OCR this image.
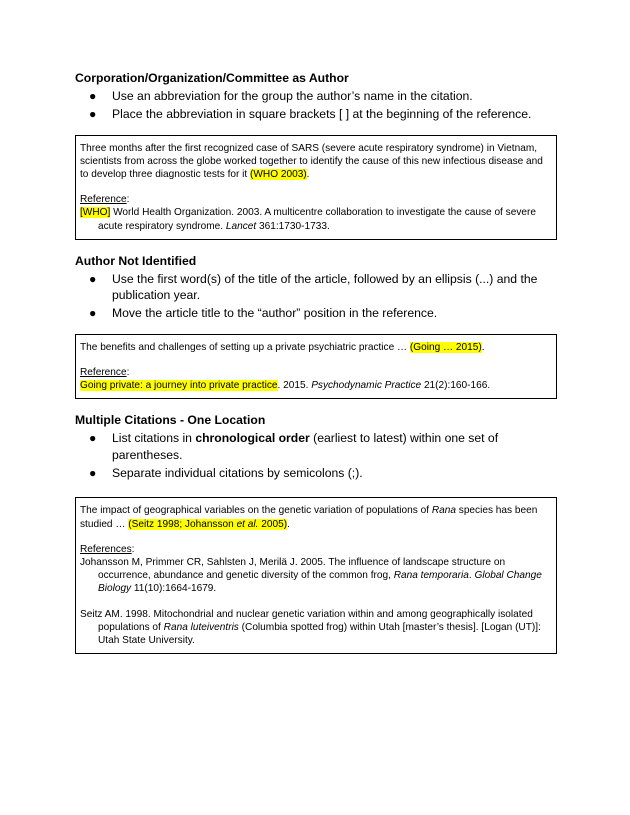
Corporation/Organization/Committee as Author

● Use an abbreviation for the group the author’s name in the citation.
● Place the abbreviation in square brackets [ ] at the beginning of the reference.

Three months after the first recognized case of SARS (severe acute respiratory syndrome) in Vietnam, scientists from across the globe worked together to identify the cause of this new infectious disease and to develop three diagnostic tests for it (WHO 2003).

Reference:

[WHO] World Health Organization. 2003. A multicentre collaboration to investigate the cause of severe acute respiratory syndrome. Lancet 361:1730-1733.

Author Not Identified

● Use the first word(s) of the title of the article, followed by an ellipsis (...) and the publication year.
● Move the article title to the “author” position in the reference.

The benefits and challenges of setting up a private psychiatric practice … (Going … 2015).

Reference:

Going private: a journey into private practice. 2015. Psychodynamic Practice 21(2):160-166.

Multiple Citations - One Location

● List citations in chronological order (earliest to latest) within one set of parentheses.
● Separate individual citations by semicolons (;).

The impact of geographical variables on the genetic variation of populations of Rana species has been studied … (Seitz 1998; Johansson et al. 2005).

References:

Johansson M, Primmer CR, Sahlsten J, Merilä J. 2005. The influence of landscape structure on occurrence, abundance and genetic diversity of the common frog, Rana temporaria. Global Change Biology 11(10):1664-1679.

Seitz AM. 1998. Mitochondrial and nuclear genetic variation within and among geographically isolated populations of Rana luteiventris (Columbia spotted frog) within Utah [master’s thesis]. [Logan (UT)]: Utah State University.
